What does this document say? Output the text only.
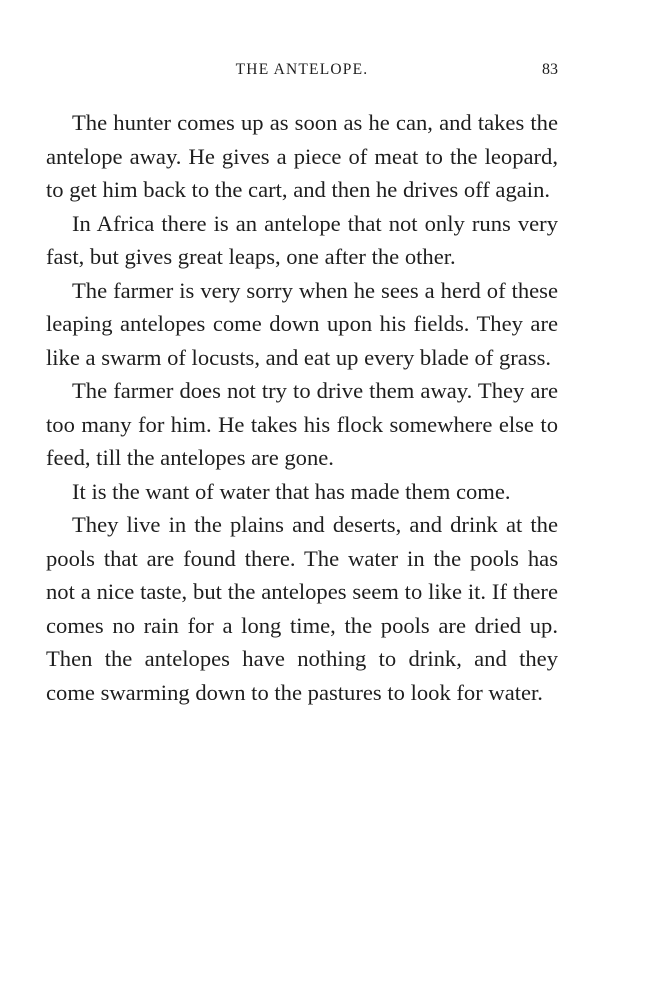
THE ANTELOPE.	83

The hunter comes up as soon as he can, and takes the antelope away. He gives a piece of meat to the leopard, to get him back to the cart, and then he drives off again.

In Africa there is an antelope that not only runs very fast, but gives great leaps, one after the other.

The farmer is very sorry when he sees a herd of these leaping antelopes come down upon his fields. They are like a swarm of locusts, and eat up every blade of grass.

The farmer does not try to drive them away. They are too many for him. He takes his flock somewhere else to feed, till the antelopes are gone.

It is the want of water that has made them come.

They live in the plains and deserts, and drink at the pools that are found there. The water in the pools has not a nice taste, but the antelopes seem to like it. If there comes no rain for a long time, the pools are dried up. Then the antelopes have nothing to drink, and they come swarming down to the pastures to look for water.
